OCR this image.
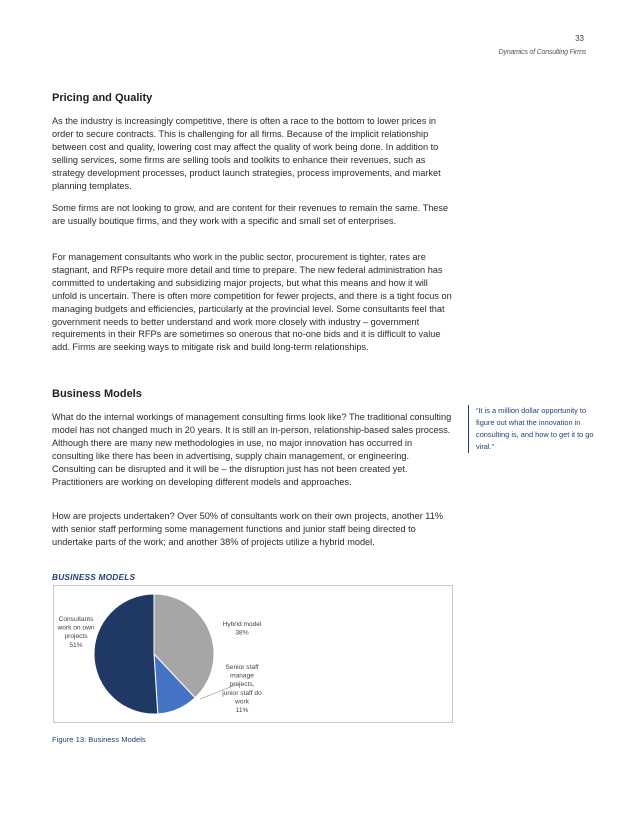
33
Dynamics of Consulting Firms
Pricing and Quality

As the industry is increasingly competitive, there is often a race to the bottom to lower prices in order to secure contracts. This is challenging for all firms. Because of the implicit relationship between cost and quality, lowering cost may affect the quality of work being done. In addition to selling services, some firms are selling tools and toolkits to enhance their revenues, such as strategy development processes, product launch strategies, process improvements, and market planning templates.

Some firms are not looking to grow, and are content for their revenues to remain the same. These are usually boutique firms, and they work with a specific and small set of enterprises.

For management consultants who work in the public sector, procurement is tighter, rates are stagnant, and RFPs require more detail and time to prepare. The new federal administration has committed to undertaking and subsidizing major projects, but what this means and how it will unfold is uncertain. There is often more competition for fewer projects, and there is a tight focus on managing budgets and efficiencies, particularly at the provincial level. Some consultants feel that government needs to better understand and work more closely with industry – government requirements in their RFPs are sometimes so onerous that no-one bids and it is difficult to value add. Firms are seeking ways to mitigate risk and build long-term relationships.

Business Models

What do the internal workings of management consulting firms look like? The traditional consulting model has not changed much in 20 years. It is still an in-person, relationship-based sales process. Although there are many new methodologies in use, no major innovation has occurred in consulting like there has been in advertising, supply chain management, or engineering. Consulting can be disrupted and it will be – the disruption just has not been created yet. Practitioners are working on developing different models and approaches.

How are projects undertaken? Over 50% of consultants work on their own projects, another 11% with senior staff performing some management functions and junior staff being directed to undertake parts of the work; and another 38% of projects utilize a hybrid model.

“It is a million dollar opportunity to figure out what the innovation in consulting is, and how to get it to go viral.”
BUSINESS MODELS
Consultants work on own projects 51%
Hybrid model 38%
Senior staff manage projects, junior staff do work 11%
Figure 13: Business Models
